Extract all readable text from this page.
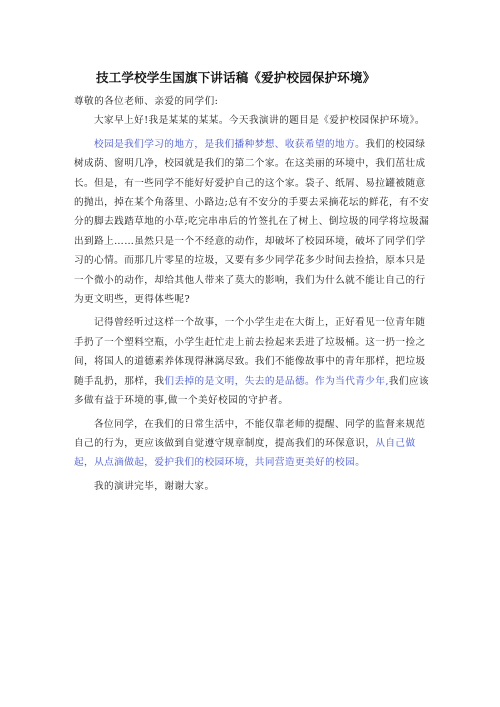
技工学校学生国旗下讲话稿《爱护校园保护环境》

尊敬的各位老师、亲爱的同学们:

大家早上好!我是某某的某某。今天我演讲的题目是《爱护校园保护环境》。

校园是我们学习的地方，是我们播种梦想、收获希望的地方。我们的校园绿树成荫、窗明几净，校园就是我们的第二个家。在这美丽的环境中，我们茁壮成长。但是，有一些同学不能好好爱护自己的这个家。袋子、纸屑、易拉罐被随意的抛出，掉在某个角落里、小路边;总有不安分的手要去采摘花坛的鲜花，有不安分的脚去践踏草地的小草;吃完串串后的竹签扎在了树上、倒垃圾的同学将垃圾漏出到路上……虽然只是一个不经意的动作，却破坏了校园环境，破坏了同学们学习的心情。而那几片零星的垃圾，又要有多少同学花多少时间去捡拾，原本只是一个微小的动作，却给其他人带来了莫大的影响，我们为什么就不能让自己的行为更文明些，更得体些呢?

记得曾经听过这样一个故事，一个小学生走在大街上，正好看见一位青年随手扔了一个塑料空瓶，小学生赶忙走上前去捡起来丢进了垃圾桶。这一扔一捡之间，将国人的道德素养体现得淋漓尽致。我们不能像故事中的青年那样，把垃圾随手乱扔，那样，我们丢掉的是文明，失去的是品德。作为当代青少年,我们应该多做有益于环境的事,做一个美好校园的守护者。

各位同学，在我们的日常生活中，不能仅靠老师的提醒、同学的监督来规范自己的行为，更应该做到自觉遵守规章制度，提高我们的环保意识，从自己做起，从点滴做起，爱护我们的校园环境，共同营造更美好的校园。

我的演讲完毕，谢谢大家。
